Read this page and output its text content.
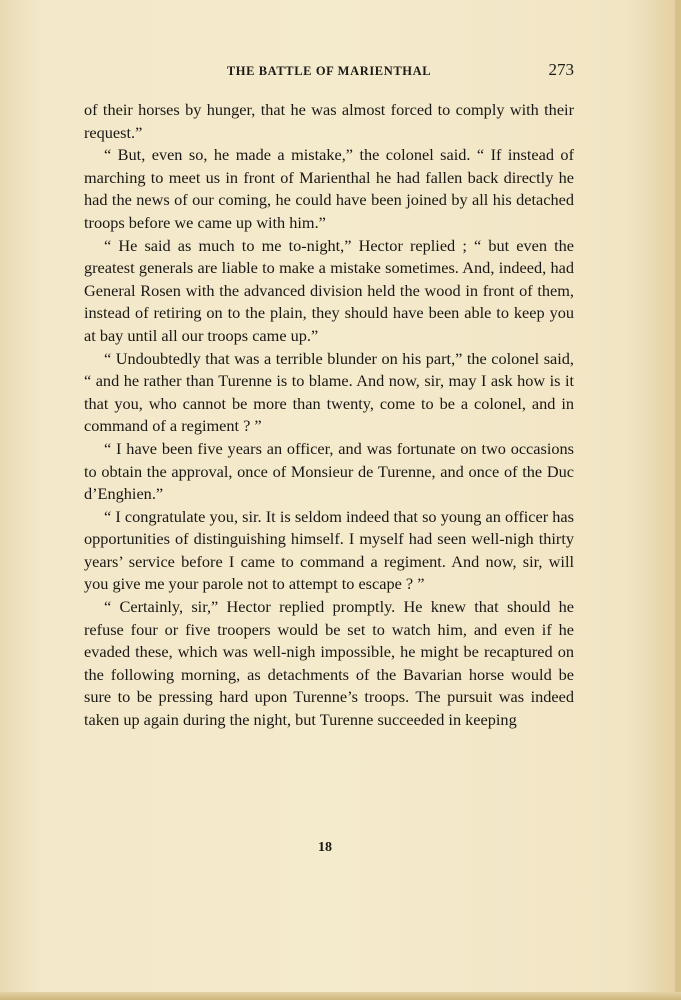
THE BATTLE OF MARIENTHAL	273

of their horses by hunger, that he was almost forced to comply with their request.”

“ But, even so, he made a mistake,” the colonel said. “ If instead of marching to meet us in front of Marienthal he had fallen back directly he had the news of our coming, he could have been joined by all his detached troops before we came up with him.”

“ He said as much to me to-night,” Hector replied ; “ but even the greatest generals are liable to make a mistake sometimes. And, indeed, had General Rosen with the advanced division held the wood in front of them, instead of retiring on to the plain, they should have been able to keep you at bay until all our troops came up.”

“ Undoubtedly that was a terrible blunder on his part,” the colonel said, “ and he rather than Turenne is to blame. And now, sir, may I ask how is it that you, who cannot be more than twenty, come to be a colonel, and in command of a regiment ? ”

“ I have been five years an officer, and was fortunate on two occasions to obtain the approval, once of Monsieur de Turenne, and once of the Duc d’Enghien.”

“ I congratulate you, sir. It is seldom indeed that so young an officer has opportunities of distinguishing himself. I myself had seen well-nigh thirty years’ service before I came to command a regiment. And now, sir, will you give me your parole not to attempt to escape ? ”

“ Certainly, sir,” Hector replied promptly. He knew that should he refuse four or five troopers would be set to watch him, and even if he evaded these, which was well-nigh impossible, he might be recaptured on the following morning, as detachments of the Bavarian horse would be sure to be pressing hard upon Turenne’s troops. The pursuit was indeed taken up again during the night, but Turenne succeeded in keeping

18
